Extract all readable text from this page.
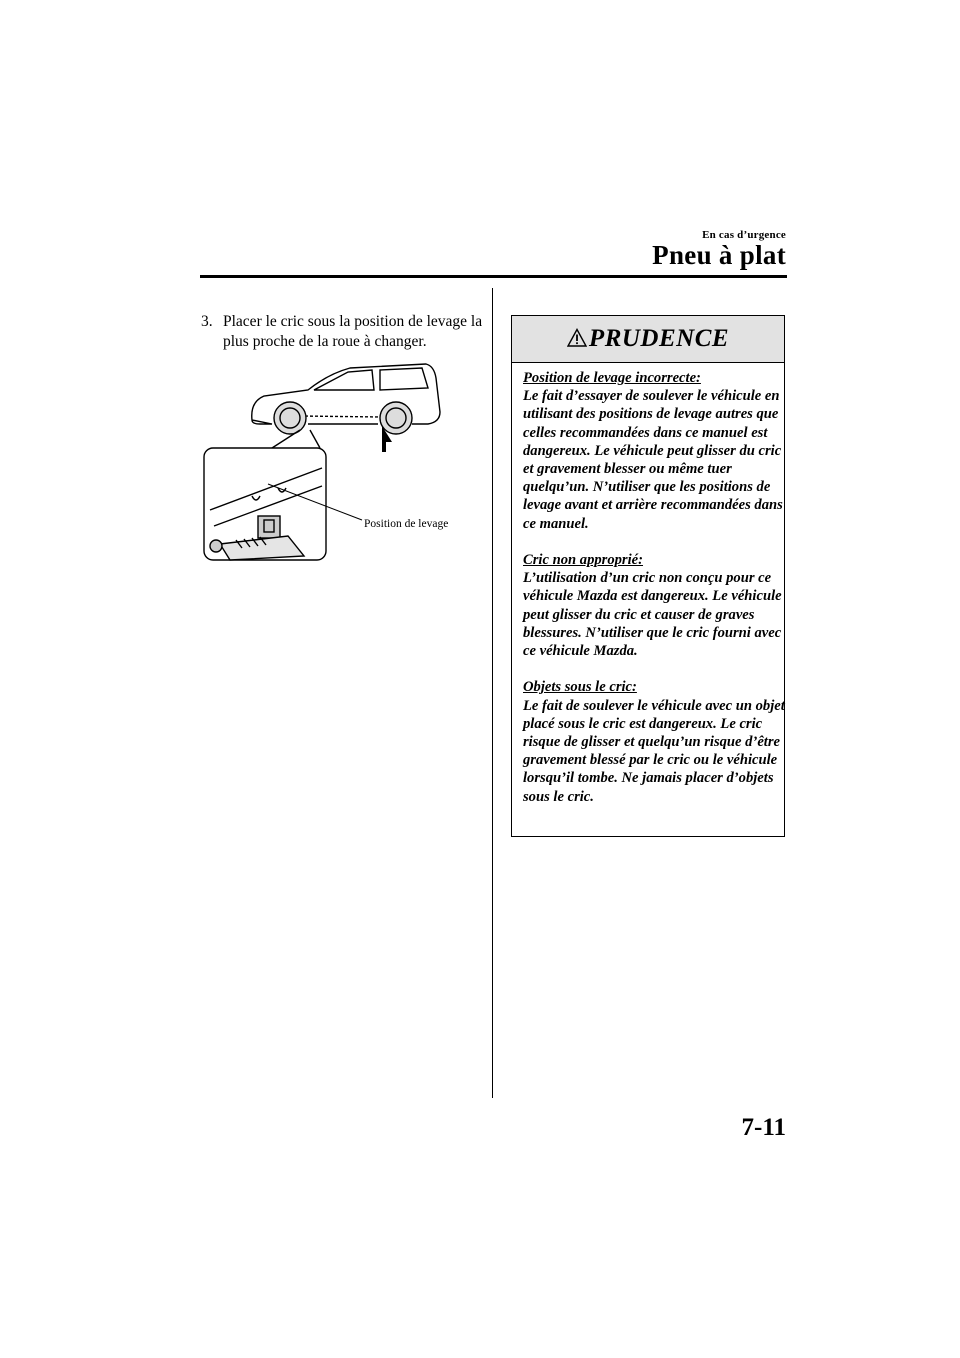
En cas d’urgence
Pneu à plat
3. Placer le cric sous la position de levage la plus proche de la roue à changer.
Position de levage
PRUDENCE
Position de levage incorrecte:
Le fait d’essayer de soulever le véhicule en utilisant des positions de levage autres que celles recommandées dans ce manuel est dangereux. Le véhicule peut glisser du cric et gravement blesser ou même tuer quelqu’un. N’utiliser que les positions de levage avant et arrière recommandées dans ce manuel.
Cric non approprié:
L’utilisation d’un cric non conçu pour ce véhicule Mazda est dangereux. Le véhicule peut glisser du cric et causer de graves blessures. N’utiliser que le cric fourni avec ce véhicule Mazda.
Objets sous le cric:
Le fait de soulever le véhicule avec un objet placé sous le cric est dangereux. Le cric risque de glisser et quelqu’un risque d’être gravement blessé par le cric ou le véhicule lorsqu’il tombe. Ne jamais placer d’objets sous le cric.
7-11
